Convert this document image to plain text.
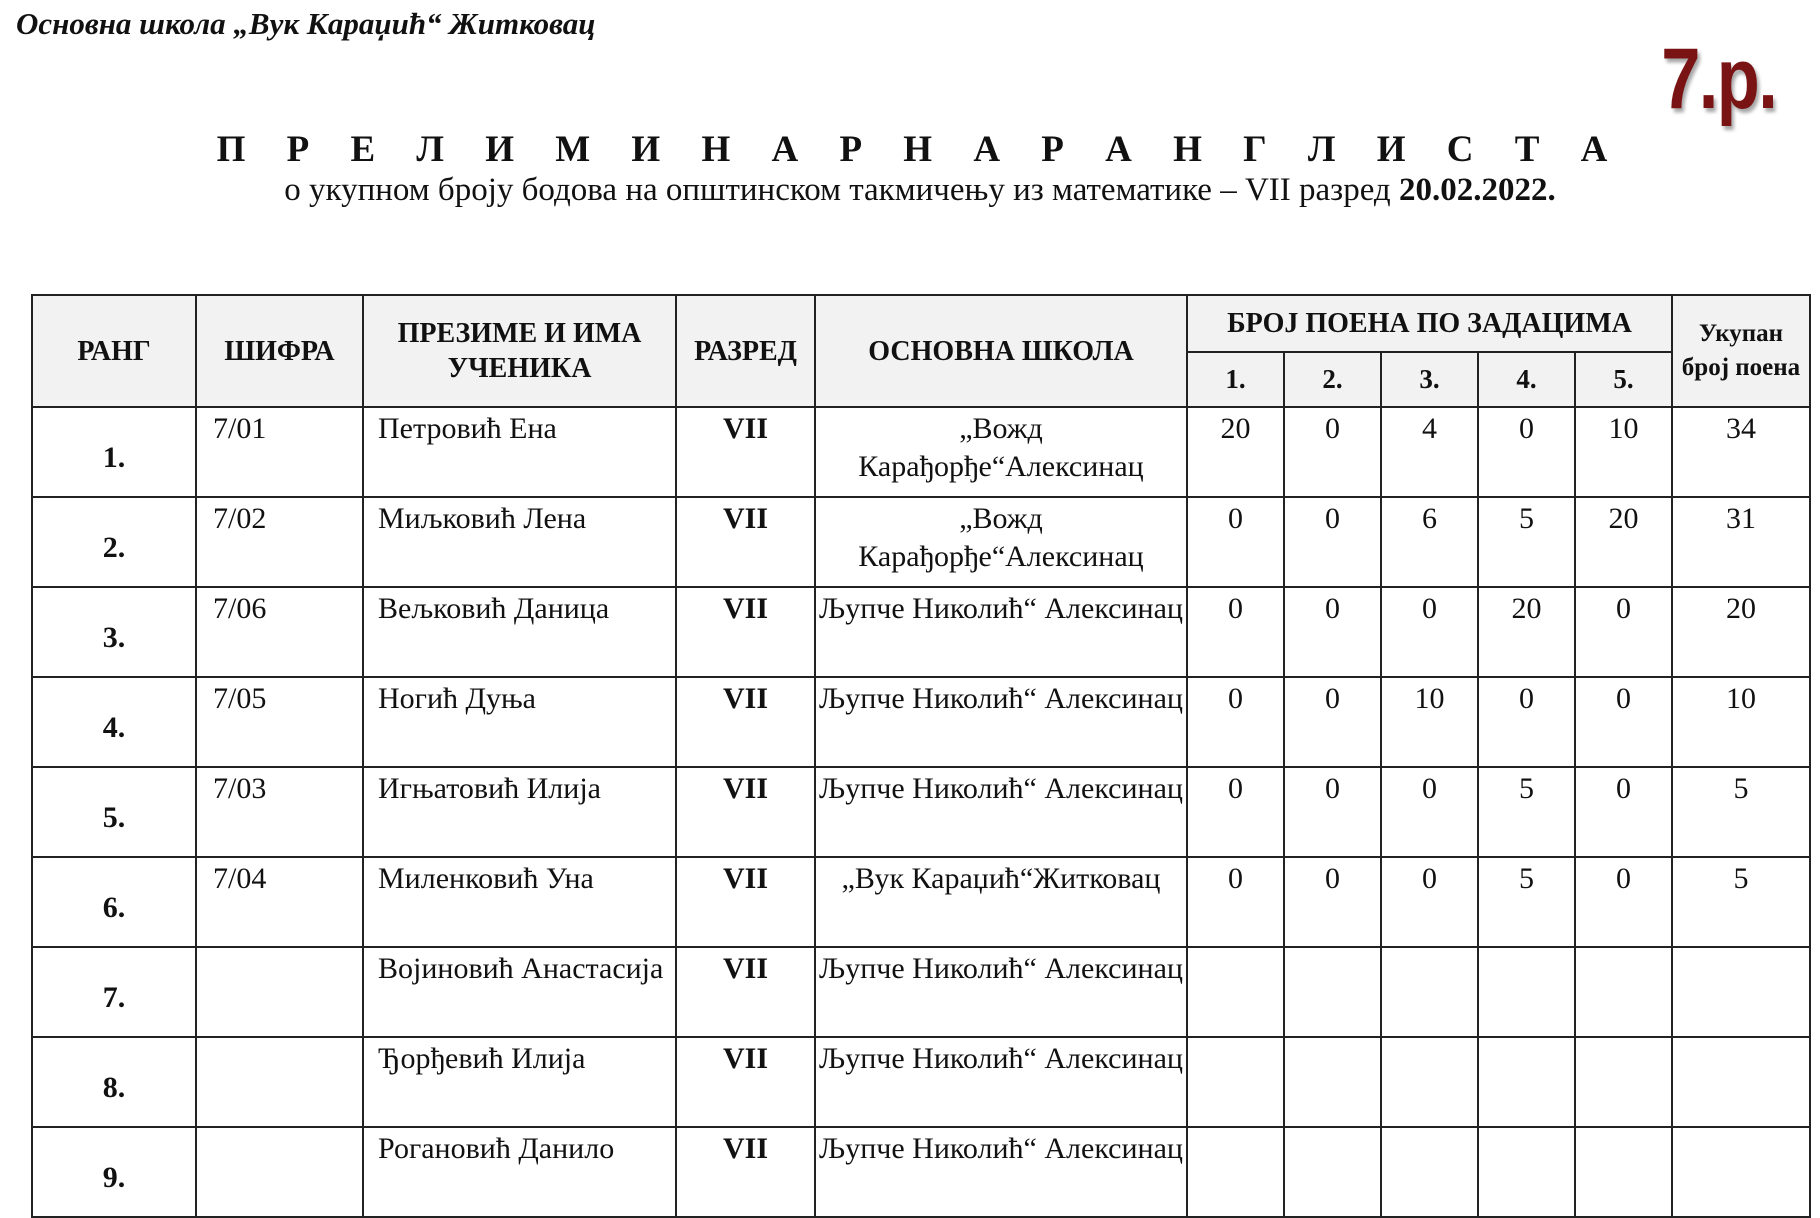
Основна школа „Вук Караџић“ Житковац
7.р.
П Р Е Л И М И Н А Р Н А Р А Н Г Л И С Т А
о укупном броју бодова на општинском такмичењу из математике – VII разред 20.02.2022.
РАНГ	ШИФРА	ПРЕЗИМЕ И ИМА УЧЕНИКА	РАЗРЕД	ОСНОВНА ШКОЛА	БРОЈ ПОЕНА ПО ЗАДАЦИМА					Укупан број поена
					1.	2.	3.	4.	5.	
1.	7/01	Петровић Ена	VII	„Вожд Карађорђе“Алексинац	20	0	4	0	10	34
2.	7/02	Миљковић Лена	VII	„Вожд Карађорђе“Алексинац	0	0	6	5	20	31
3.	7/06	Вељковић Даница	VII	Љупче Николић“ Алексинац	0	0	0	20	0	20
4.	7/05	Ногић Дуња	VII	Љупче Николић“ Алексинац	0	0	10	0	0	10
5.	7/03	Игњатовић Илија	VII	Љупче Николић“ Алексинац	0	0	0	5	0	5
6.	7/04	Миленковић Уна	VII	„Вук Караџић“Житковац	0	0	0	5	0	5
7.		Војиновић Анастасија	VII	Љупче Николић“ Алексинац						
8.		Ђорђевић Илија	VII	Љупче Николић“ Алексинац						
9.		Рогановић Данило	VII	Љупче Николић“ Алексинац						
